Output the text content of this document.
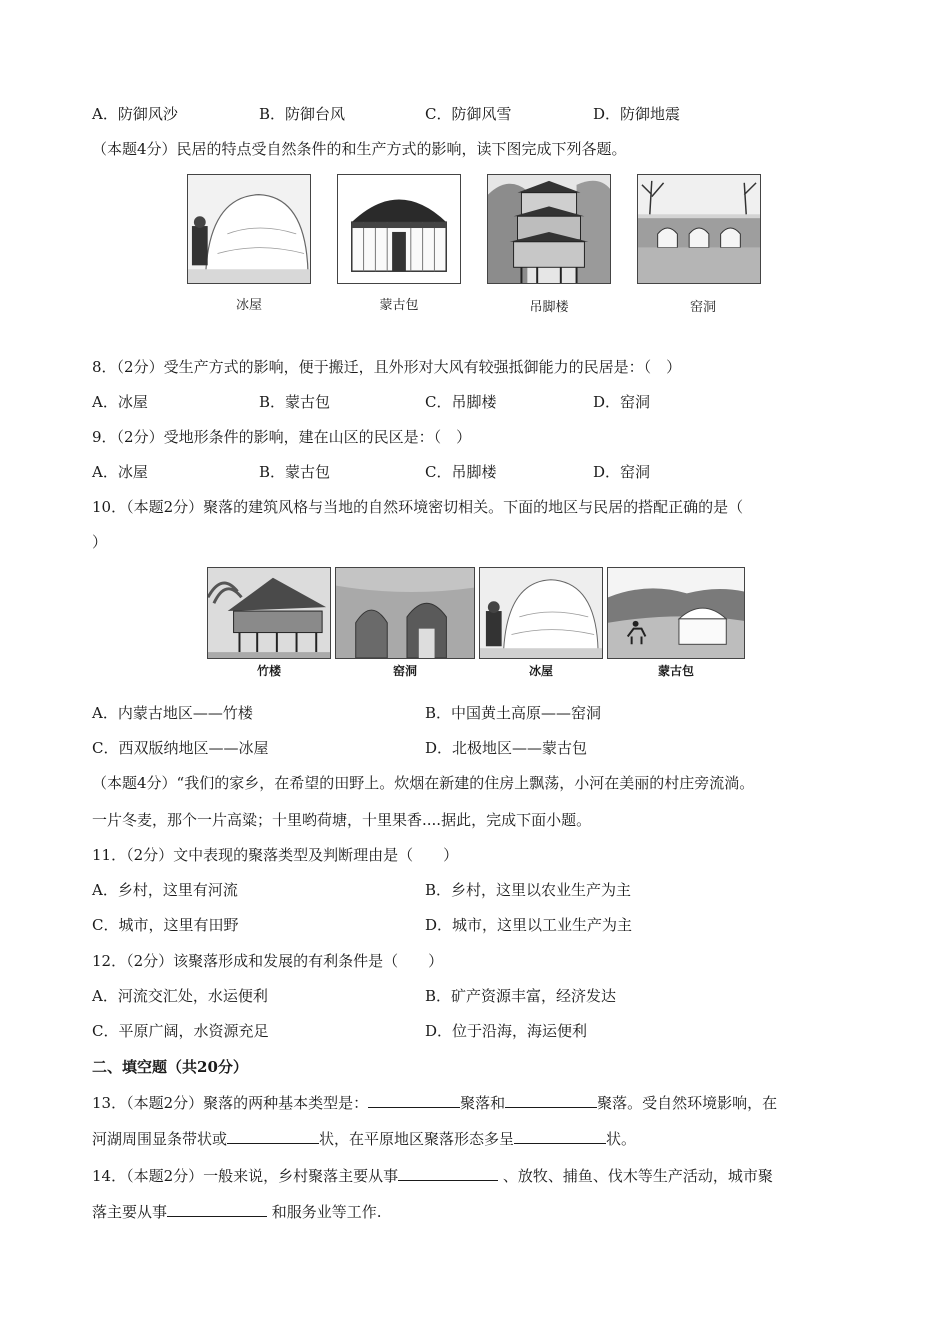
A．防御风沙	B．防御台风	C．防御风雪	D．防御地震
（本题4分）民居的特点受自然条件的和生产方式的影响，读下图完成下列各题。
冰屋	蒙古包	吊脚楼	窑洞
8．（2分）受生产方式的影响，便于搬迁，且外形对大风有较强抵御能力的民居是：（　）
A．冰屋	B．蒙古包	C．吊脚楼	D．窑洞
9．（2分）受地形条件的影响，建在山区的民区是：（　）
A．冰屋	B．蒙古包	C．吊脚楼	D．窑洞
10．（本题2分）聚落的建筑风格与当地的自然环境密切相关。下面的地区与民居的搭配正确的是（
）
竹楼	窑洞	冰屋	蒙古包
A．内蒙古地区——竹楼	B．中国黄土高原——窑洞
C．西双版纳地区——冰屋	D．北极地区——蒙古包
（本题4分）“我们的家乡，在希望的田野上。炊烟在新建的住房上飘荡，小河在美丽的村庄旁流淌。
一片冬麦，那个一片高粱；十里哟荷塘，十里果香....据此，完成下面小题。
11．（2分）文中表现的聚落类型及判断理由是（　　）
A．乡村，这里有河流	B．乡村，这里以农业生产为主
C．城市，这里有田野	D．城市，这里以工业生产为主
12．（2分）该聚落形成和发展的有利条件是（　　）
A．河流交汇处，水运便利	B．矿产资源丰富，经济发达
C．平原广阔，水资源充足	D．位于沿海，海运便利
二、填空题（共20分）
13．（本题2分）聚落的两种基本类型是：	聚落和	聚落。受自然环境影响，在
河湖周围显条带状或	状，在平原地区聚落形态多呈	状。
14．（本题2分）一般来说，乡村聚落主要从事	、放牧、捕鱼、伐木等生产活动，城市聚
落主要从事	和服务业等工作.
